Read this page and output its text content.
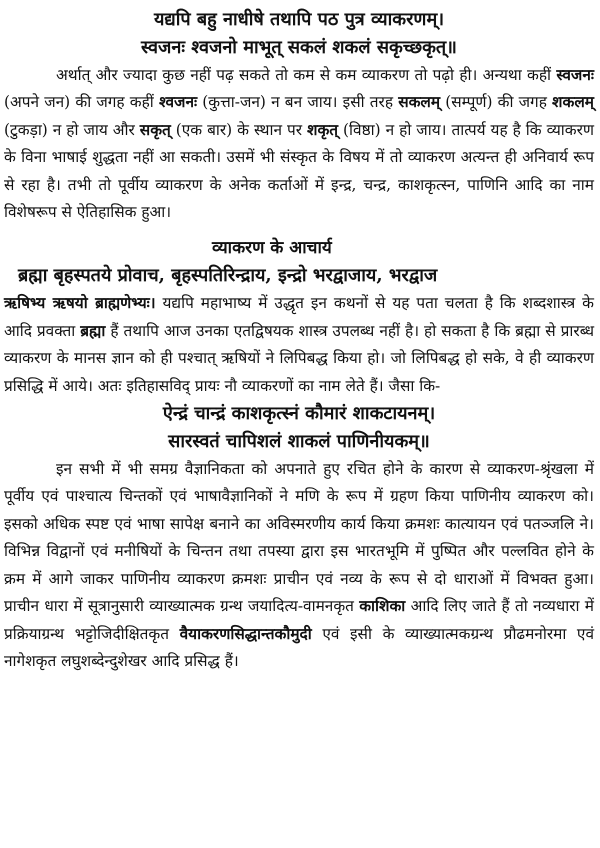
यद्यपि बहु नाधीषे तथापि पठ पुत्र व्याकरणम्।

स्वजनः श्वजनो माभूत् सकलं शकलं सकृच्छकृत्॥

अर्थात् और ज्यादा कुछ नहीं पढ़ सकते तो कम से कम व्याकरण तो पढ़ो ही। अन्यथा कहीं स्वजनः (अपने जन) की जगह कहीं श्वजनः (कुत्ता-जन) न बन जाय। इसी तरह सकलम् (सम्पूर्ण) की जगह शकलम् (टुकड़ा) न हो जाय और सकृत् (एक बार) के स्थान पर शकृत् (विष्ठा) न हो जाय। तात्पर्य यह है कि व्याकरण के विना भाषाई शुद्धता नहीं आ सकती। उसमें भी संस्कृत के विषय में तो व्याकरण अत्यन्त ही अनिवार्य रूप से रहा है। तभी तो पूर्वीय व्याकरण के अनेक कर्ताओं में इन्द्र, चन्द्र, काशकृत्स्न, पाणिनि आदि का नाम विशेषरूप से ऐतिहासिक हुआ।

व्याकरण के आचार्य

ब्रह्मा बृहस्पतये प्रोवाच, बृहस्पतिरिन्द्राय, इन्द्रो भरद्वाजाय, भरद्वाज

ऋषिभ्य ऋषयो ब्राह्मणेभ्यः। यद्यपि महाभाष्य में उद्धृत इन कथनों से यह पता चलता है कि शब्दशास्त्र के आदि प्रवक्ता ब्रह्मा हैं तथापि आज उनका एतद्विषयक शास्त्र उपलब्ध नहीं है। हो सकता है कि ब्रह्मा से प्रारब्ध व्याकरण के मानस ज्ञान को ही पश्चात् ऋषियों ने लिपिबद्ध किया हो। जो लिपिबद्ध हो सके, वे ही व्याकरण प्रसिद्धि में आये। अतः इतिहासविद् प्रायः नौ व्याकरणों का नाम लेते हैं। जैसा कि-

ऐन्द्रं चान्द्रं काशकृत्स्नं कौमारं शाकटायनम्।

सारस्वतं चापिशलं शाकलं पाणिनीयकम्॥

इन सभी में भी समग्र वैज्ञानिकता को अपनाते हुए रचित होने के कारण से व्याकरण-श्रृंखला में पूर्वीय एवं पाश्चात्य चिन्तकों एवं भाषावैज्ञानिकों ने मणि के रूप में ग्रहण किया पाणिनीय व्याकरण को। इसको अधिक स्पष्ट एवं भाषा सापेक्ष बनाने का अविस्मरणीय कार्य किया क्रमशः कात्यायन एवं पतञ्जलि ने। विभिन्न विद्वानों एवं मनीषियों के चिन्तन तथा तपस्या द्वारा इस भारतभूमि में पुष्पित और पल्लवित होने के क्रम में आगे जाकर पाणिनीय व्याकरण क्रमशः प्राचीन एवं नव्य के रूप से दो धाराओं में विभक्त हुआ। प्राचीन धारा में सूत्रानुसारी व्याख्यात्मक ग्रन्थ जयादित्य-वामनकृत काशिका आदि लिए जाते हैं तो नव्यधारा में प्रक्रियाग्रन्थ भट्टोजिदीक्षितकृत वैयाकरणसिद्धान्तकौमुदी एवं इसी के व्याख्यात्मकग्रन्थ प्रौढमनोरमा एवं नागेशकृत लघुशब्देन्दुशेखर आदि प्रसिद्ध हैं।
